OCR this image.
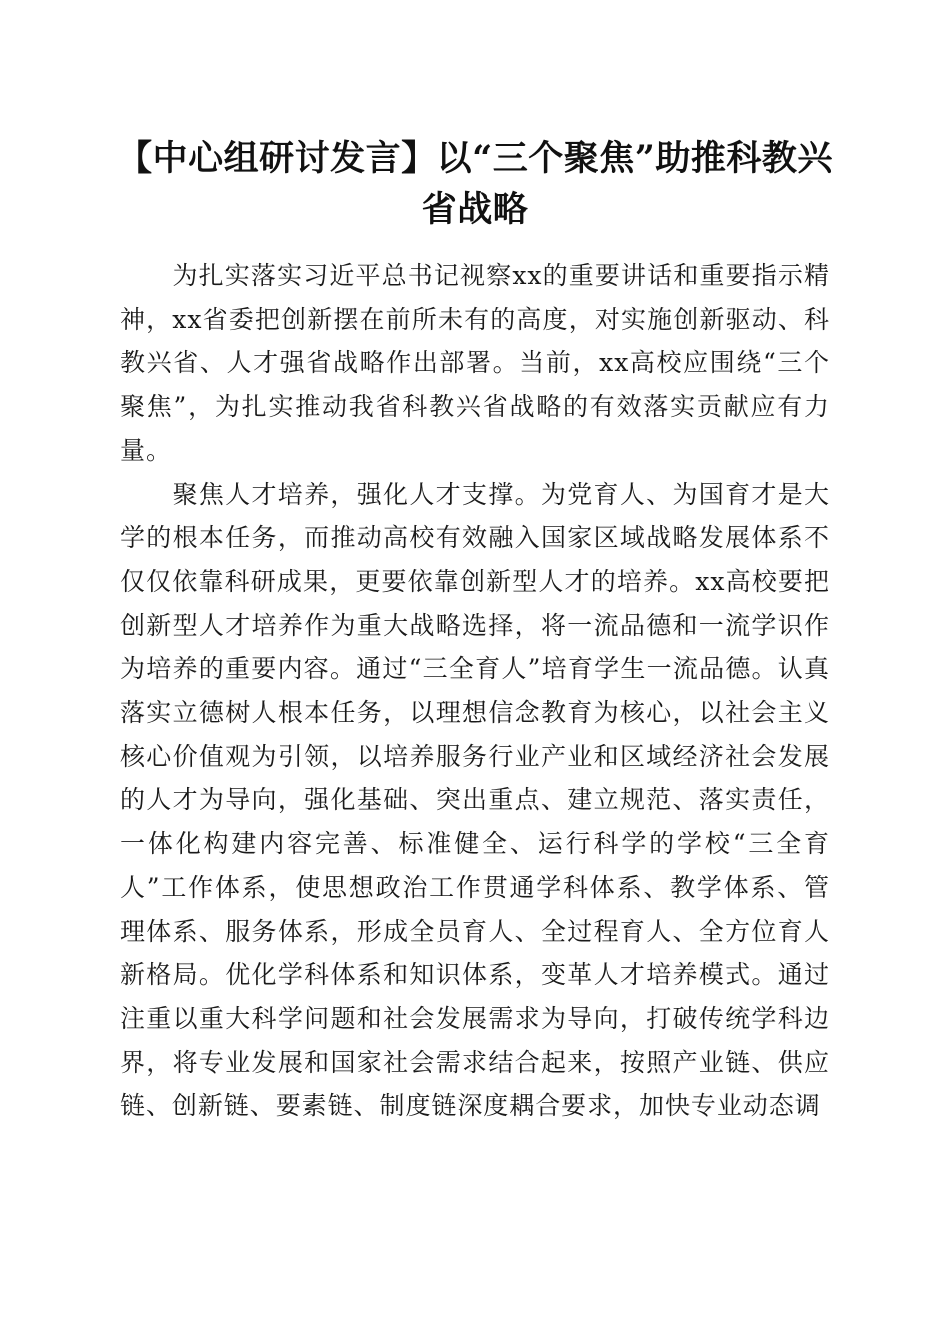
【中心组研讨发言】以“三个聚焦”助推科教兴省战略

为扎实落实习近平总书记视察xx的重要讲话和重要指示精神，xx省委把创新摆在前所未有的高度，对实施创新驱动、科教兴省、人才强省战略作出部署。当前，xx高校应围绕“三个聚焦”，为扎实推动我省科教兴省战略的有效落实贡献应有力量。

聚焦人才培养，强化人才支撑。为党育人、为国育才是大学的根本任务，而推动高校有效融入国家区域战略发展体系不仅仅依靠科研成果，更要依靠创新型人才的培养。xx高校要把创新型人才培养作为重大战略选择，将一流品德和一流学识作为培养的重要内容。通过“三全育人”培育学生一流品德。认真落实立德树人根本任务，以理想信念教育为核心，以社会主义核心价值观为引领，以培养服务行业产业和区域经济社会发展的人才为导向，强化基础、突出重点、建立规范、落实责任，一体化构建内容完善、标准健全、运行科学的学校“三全育人”工作体系，使思想政治工作贯通学科体系、教学体系、管理体系、服务体系，形成全员育人、全过程育人、全方位育人新格局。优化学科体系和知识体系，变革人才培养模式。通过注重以重大科学问题和社会发展需求为导向，打破传统学科边界，将专业发展和国家社会需求结合起来，按照产业链、供应链、创新链、要素链、制度链深度耦合要求，加快专业动态调
